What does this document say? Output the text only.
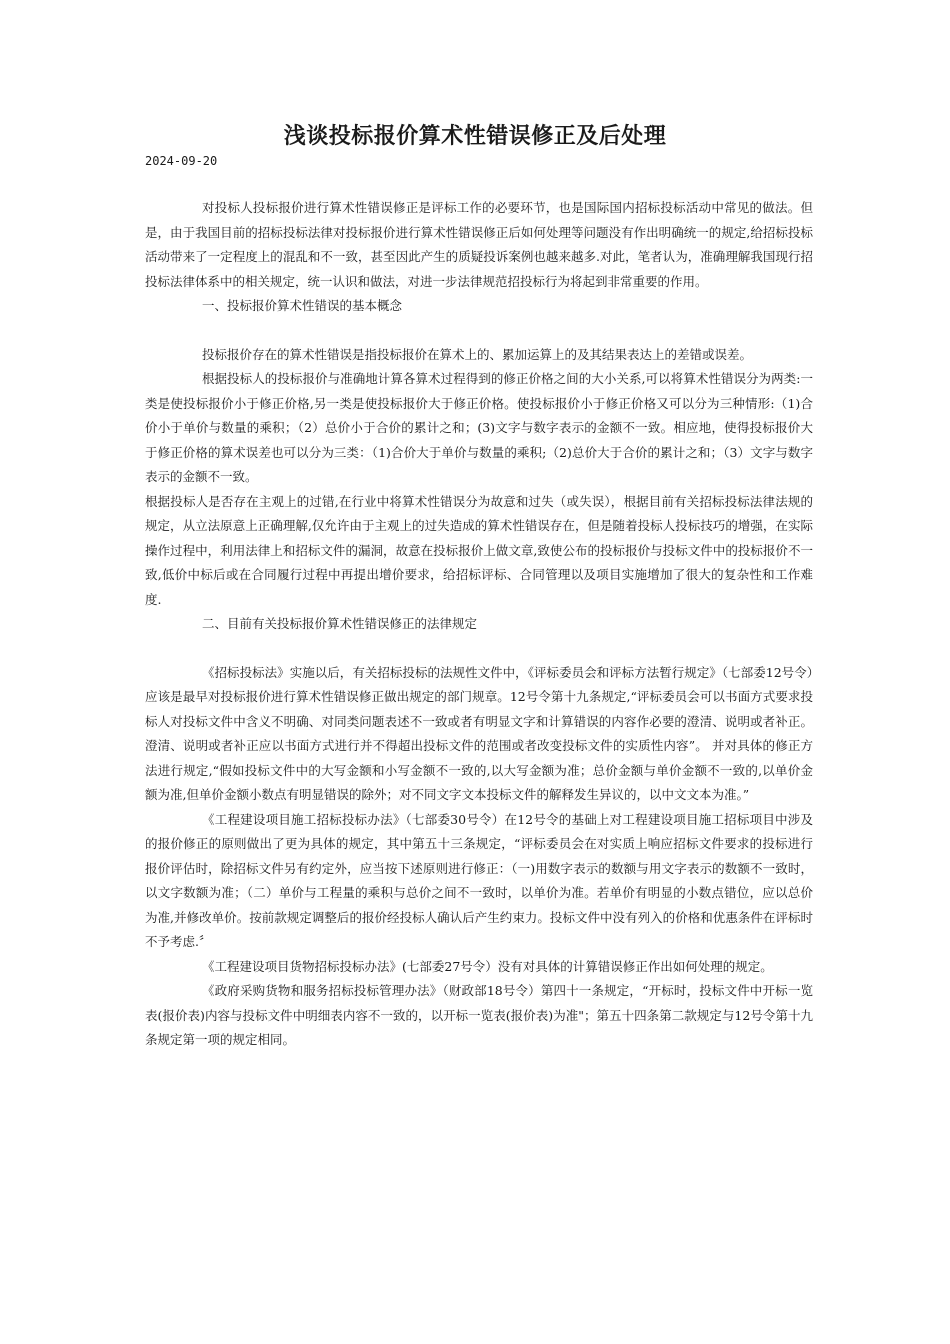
浅谈投标报价算术性错误修正及后处理
2024-09-20

对投标人投标报价进行算术性错误修正是评标工作的必要环节，也是国际国内招标投标活动中常见的做法。但是，由于我国目前的招标投标法律对投标报价进行算术性错误修正后如何处理等问题没有作出明确统一的规定,给招标投标活动带来了一定程度上的混乱和不一致，甚至因此产生的质疑投诉案例也越来越多.对此，笔者认为，准确理解我国现行招投标法律体系中的相关规定，统一认识和做法，对进一步法律规范招投标行为将起到非常重要的作用。

一、投标报价算术性错误的基本概念

投标报价存在的算术性错误是指投标报价在算术上的、累加运算上的及其结果表达上的差错或误差。

根据投标人的投标报价与准确地计算各算术过程得到的修正价格之间的大小关系,可以将算术性错误分为两类:一类是使投标报价小于修正价格,另一类是使投标报价大于修正价格。使投标报价小于修正价格又可以分为三种情形:（1)合价小于单价与数量的乘积；（2）总价小于合价的累计之和；(3)文字与数字表示的金额不一致。相应地，使得投标报价大于修正价格的算术误差也可以分为三类：（1)合价大于单价与数量的乘积;（2)总价大于合价的累计之和；（3）文字与数字表示的金额不一致。

根据投标人是否存在主观上的过错,在行业中将算术性错误分为故意和过失（或失误），根据目前有关招标投标法律法规的规定，从立法原意上正确理解,仅允许由于主观上的过失造成的算术性错误存在，但是随着投标人投标技巧的增强，在实际操作过程中，利用法律上和招标文件的漏洞，故意在投标报价上做文章,致使公布的投标报价与投标文件中的投标报价不一致,低价中标后或在合同履行过程中再提出增价要求，给招标评标、合同管理以及项目实施增加了很大的复杂性和工作难度.

二、目前有关投标报价算术性错误修正的法律规定

《招标投标法》实施以后，有关招标投标的法规性文件中，《评标委员会和评标方法暂行规定》（七部委12号令）应该是最早对投标报价进行算术性错误修正做出规定的部门规章。12号令第十九条规定,“评标委员会可以书面方式要求投标人对投标文件中含义不明确、对同类问题表述不一致或者有明显文字和计算错误的内容作必要的澄清、说明或者补正。澄清、说明或者补正应以书面方式进行并不得超出投标文件的范围或者改变投标文件的实质性内容”。 并对具体的修正方法进行规定,“假如投标文件中的大写金额和小写金额不一致的,以大写金额为准；总价金额与单价金额不一致的,以单价金额为准,但单价金额小数点有明显错误的除外；对不同文字文本投标文件的解释发生异议的，以中文文本为准。”

《工程建设项目施工招标投标办法》（七部委30号令）在12号令的基础上对工程建设项目施工招标项目中涉及的报价修正的原则做出了更为具体的规定，其中第五十三条规定，“评标委员会在对实质上响应招标文件要求的投标进行报价评估时，除招标文件另有约定外，应当按下述原则进行修正：（一)用数字表示的数额与用文字表示的数额不一致时，以文字数额为准；（二）单价与工程量的乘积与总价之间不一致时，以单价为准。若单价有明显的小数点错位，应以总价为准,并修改单价。按前款规定调整后的报价经投标人确认后产生约束力。投标文件中没有列入的价格和优惠条件在评标时不予考虑.〞

《工程建设项目货物招标投标办法》(七部委27号令）没有对具体的计算错误修正作出如何处理的规定。

《政府采购货物和服务招标投标管理办法》（财政部18号令）第四十一条规定，“开标时，投标文件中开标一览表(报价表)内容与投标文件中明细表内容不一致的，以开标一览表(报价表)为准"；第五十四条第二款规定与12号令第十九条规定第一项的规定相同。
